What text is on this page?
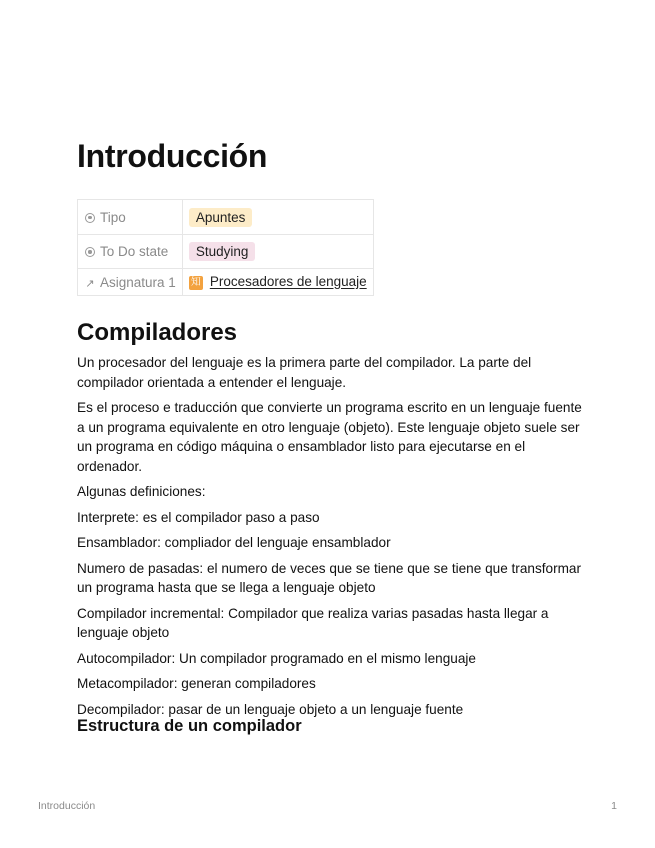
Introducción
Tipo	Apuntes
To Do state	Studying
↗ Asignatura 1	知 Procesadores de lenguaje
Compiladores

Un procesador del lenguaje es la primera parte del compilador. La parte del compilador orientada a entender el lenguaje.

Es el proceso e traducción que convierte un programa escrito en un lenguaje fuente a un programa equivalente en otro lenguaje (objeto). Este lenguaje objeto suele ser un programa en código máquina o ensamblador listo para ejecutarse en el ordenador.

Algunas definiciones:

Interprete: es el compilador paso a paso

Ensamblador: compliador del lenguaje ensamblador

Numero de pasadas: el numero de veces que se tiene que se tiene que transformar un programa hasta que se llega a lenguaje objeto

Compilador incremental: Compilador que realiza varias pasadas hasta llegar a lenguaje objeto

Autocompilador: Un compilador programado en el mismo lenguaje

Metacompilador: generan compiladores

Decompilador: pasar de un lenguaje objeto a un lenguaje fuente

Estructura de un compilador
Introducción	1
